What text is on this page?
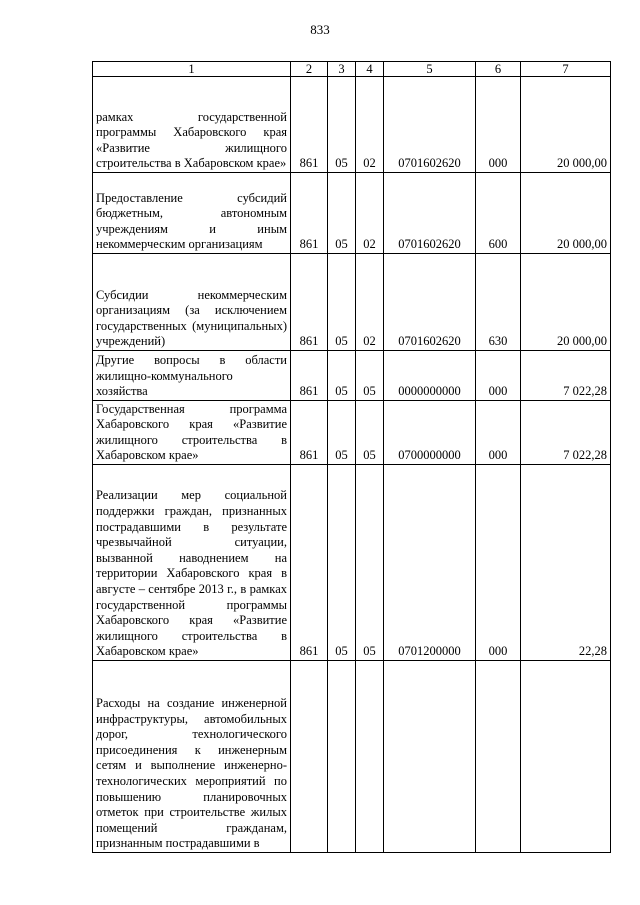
833
1	2	3	4	5	6	7

рамках государственной программы Хабаровского края «Развитие жилищного строительства в Хабаровском крае»	861	05	02	0701602620	000	20 000,00

Предоставление субсидий бюджетным, автономным учреждениям и иным некоммерческим организациям	861	05	02	0701602620	600	20 000,00

Субсидии некоммерческим организациям (за исключением государственных (муниципальных) учреждений)	861	05	02	0701602620	630	20 000,00

Другие вопросы в области жилищно-коммунального хозяйства	861	05	05	0000000000	000	7 022,28

Государственная программа Хабаровского края «Развитие жилищного строительства в Хабаровском крае»	861	05	05	0700000000	000	7 022,28

Реализации мер социальной поддержки граждан, признанных пострадавшими в результате чрезвычайной ситуации, вызванной наводнением на территории Хабаровского края в августе – сентябре 2013 г., в рамках государственной программы Хабаровского края «Развитие жилищного строительства в Хабаровском крае»	861	05	05	0701200000	000	22,28

Расходы на создание инженерной инфраструктуры, автомобильных дорог, технологического присоединения к инженерным сетям и выполнение инженерно-технологических мероприятий по повышению планировочных отметок при строительстве жилых помещений гражданам, признанным пострадавшими в						
